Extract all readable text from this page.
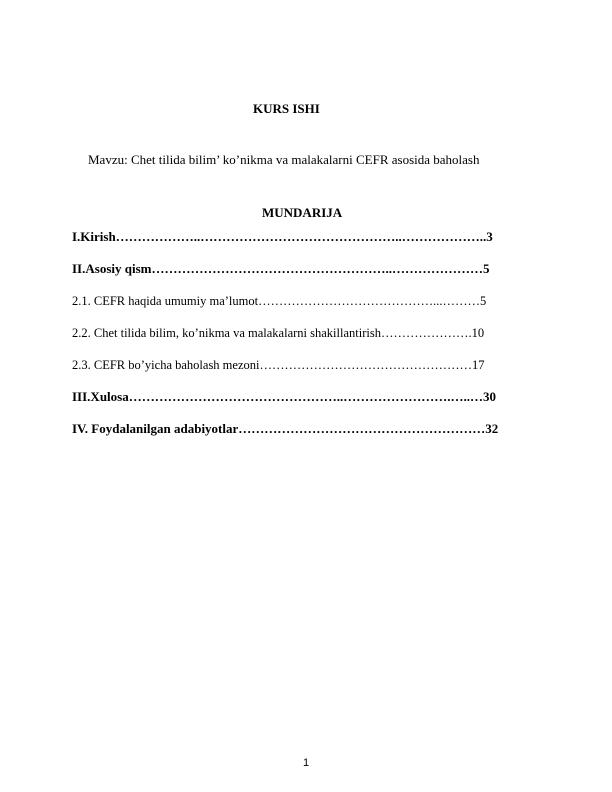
KURS ISHI
Mavzu: Chet tilida bilim’ ko’nikma va malakalarni CEFR asosida baholash
MUNDARIJA
I.Kirish………………..………………………………………..………………..3
II.Asosiy qism………………………………………………..…………………5
2.1. CEFR haqida umumiy ma’lumot……………………………………...………5
2.2. Chet tilida bilim, ko’nikma va malakalarni shakillantirish………………….10
2.3. CEFR bo’yicha baholash mezoni……………………………………………17
III.Xulosa…………………………………………..…………………….…..…30
IV. Foydalanilgan adabiyotlar…………………………………………………32
1
